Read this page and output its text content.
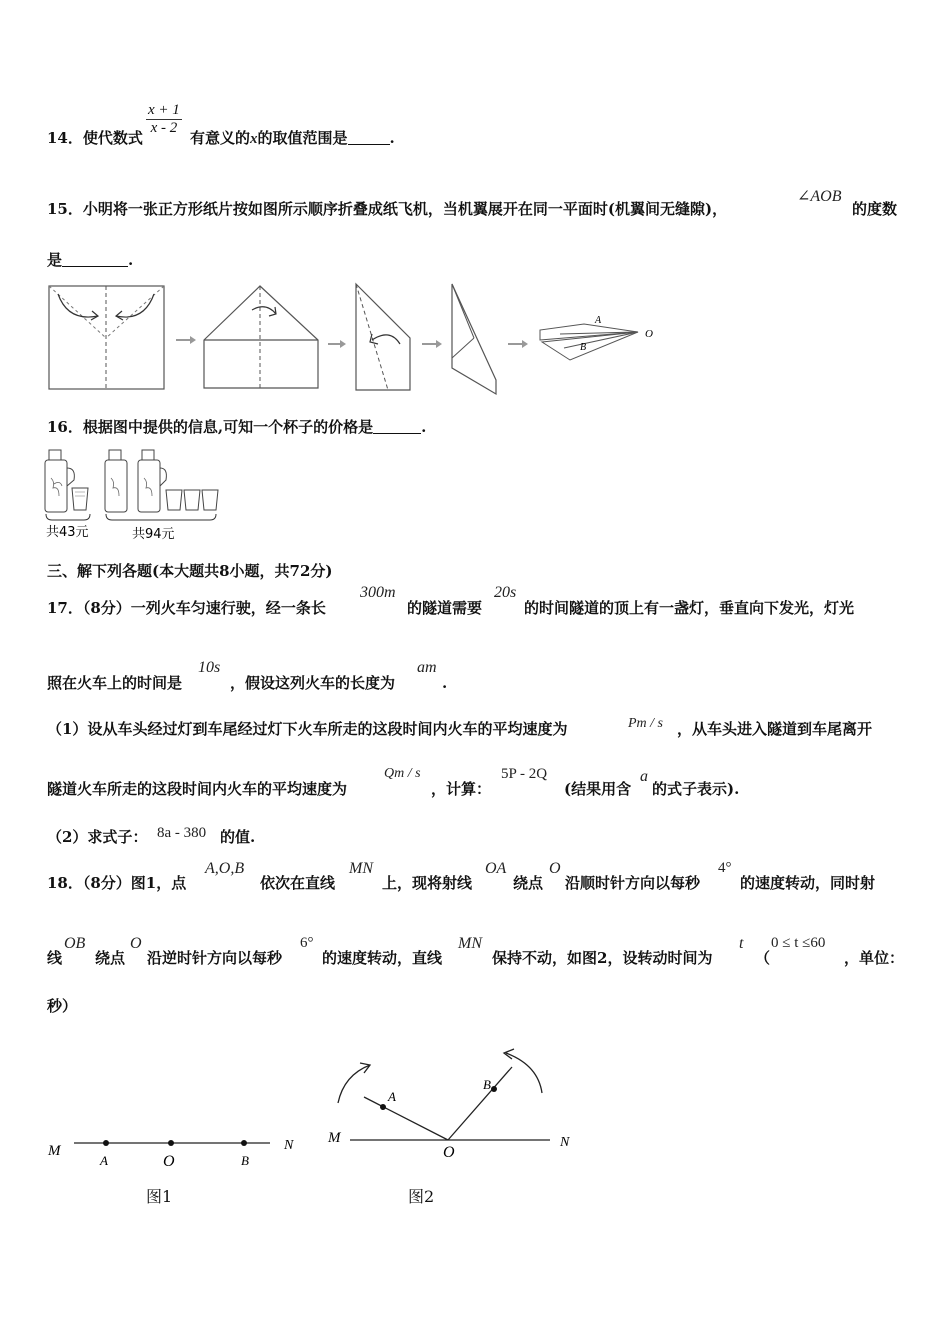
14．使代数式
$\frac{x + 1}{x - 2}$
有意义的x的取值范围是	.
15．小明将一张正方形纸片按如图所示顺序折叠成纸飞机，当机翼展开在同一平面时(机翼间无缝隙)，
∠AOB
的度数
是	.
A
B
O
16．根据图中提供的信息,可知一个杯子的价格是	.
共43元	共94元
三、解下列各题(本大题共8小题，共72分)
17．（8分）一列火车匀速行驶，经一条长
300m
的隧道需要
20s
的时间隧道的顶上有一盏灯，垂直向下发光，灯光
照在火车上的时间是
10s
，假设这列火车的长度为
am
.
（1）设从车头经过灯到车尾经过灯下火车所走的这段时间内火车的平均速度为	Pm / s ，从车头进入隧道到车尾离开
隧道火车所走的这段时间内火车的平均速度为
Qm / s
，计算：
5P - 2Q
(结果用含
a
的式子表示).
（2）求式子： 8a - 380 的值.
18．（8分）图1，点
A,O,B
依次在直线
MN
上，现将射线
OA
绕点
O
沿顺时针方向以每秒
4°
的速度转动，同时射
线
OB
绕点
O
沿逆时针方向以每秒
6°
的速度转动，直线
MN
保持不动，如图2，设转动时间为
t
（
0 ≤ t ≤60
，单位：
秒）
M
A	O	B
N
图1
M
A
O
B
N
图2
